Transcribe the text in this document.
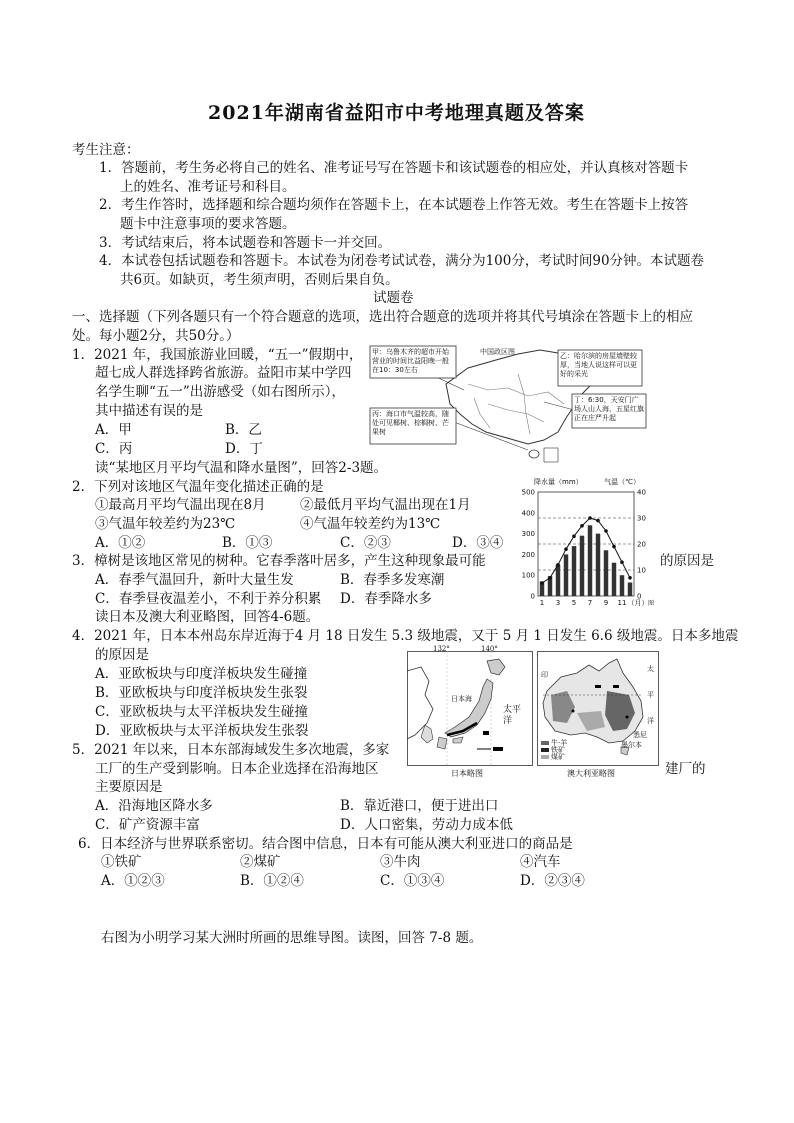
2021年湖南省益阳市中考地理真题及答案
考生注意：
1．答题前，考生务必将自己的姓名、准考证号写在答题卡和该试题卷的相应处，并认真核对答题卡
上的姓名、准考证号和科目。
2．考生作答时，选择题和综合题均须作在答题卡上，在本试题卷上作答无效。考生在答题卡上按答
题卡中注意事项的要求答题。
3．考试结束后，将本试题卷和答题卡一并交回。
4．本试卷包括试题卷和答题卡。本试卷为闭卷考试试卷，满分为100分，考试时间90分钟。本试题卷
共6页。如缺页，考生须声明，否则后果自负。
试题卷
一、选择题（下列各题只有一个符合题意的选项，选出符合题意的选项并将其代号填涂在答题卡上的相应
处。每小题2分，共50分。）
1．2021 年，我国旅游业回暖，“五一”假期中，
超七成人群选择跨省旅游。益阳市某中学四
名学生聊“五一”出游感受（如右图所示），
其中描述有误的是
A．甲	B．乙
C．丙	D．丁
中国政区图
甲：乌鲁木齐的超市开始营业的时间比益阳晚一般在10：30左右
乙：哈尔滨的房屋墙壁较厚，当地人说这样可以更好的采光
丙：海口市气温较高，随处可见椰树、棕榈树、芒果树
丁：6:30，天安门广场人山人海，五星红旗正在庄严升起
读“某地区月平均气温和降水量图”，回答2-3题。
2．下列对该地区气温年变化描述正确的是
①最高月平均气温出现在8月	②最低月平均气温出现在1月
③气温年较差约为23℃	④气温年较差约为13℃
A．①②	B．①③	C．②③	D．③④
3．樟树是该地区常见的树种。它春季落叶居多，产生这种现象最可能	的原因是
A．春季气温回升，新叶大量生发	B．春季多发寒潮
C．春季昼夜温差小，不利于养分积累 D．春季降水多
读日本及澳大利亚略图，回答4-6题。
0
100
200
300
400
500
0
10
20
30
40
降水量（mm）	气温（℃）
1 3 5 7 9 11 （月） 图
4．2021 年，日本本州岛东岸近海于4 月 18 日发生 5.3 级地震，又于 5 月 1 日发生 6.6 级地震。日本多地震
的原因是
A．亚欧板块与印度洋板块发生碰撞
B．亚欧板块与印度洋板块发生张裂
C．亚欧板块与太平洋板块发生碰撞
D．亚欧板块与太平洋板块发生张裂
132°	140°
日本海
太平洋
日本略图
印
太
平
洋
悉尼
墨尔本
牛·羊
铁矿
煤矿
澳大利亚略图
5．2021 年以来，日本东部海域发生多次地震，多家
工厂的生产受到影响。日本企业选择在沿海地区	建厂的
主要原因是
A．沿海地区降水多	B．靠近港口，便于进出口
C．矿产资源丰富	D．人口密集，劳动力成本低
6．日本经济与世界联系密切。结合图中信息，日本有可能从澳大利亚进口的商品是
①铁矿	②煤矿	③牛肉	④汽车
A．①②③	B．①②④	C．①③④	D．②③④
右图为小明学习某大洲时所画的思维导图。读图，回答 7-8 题。
